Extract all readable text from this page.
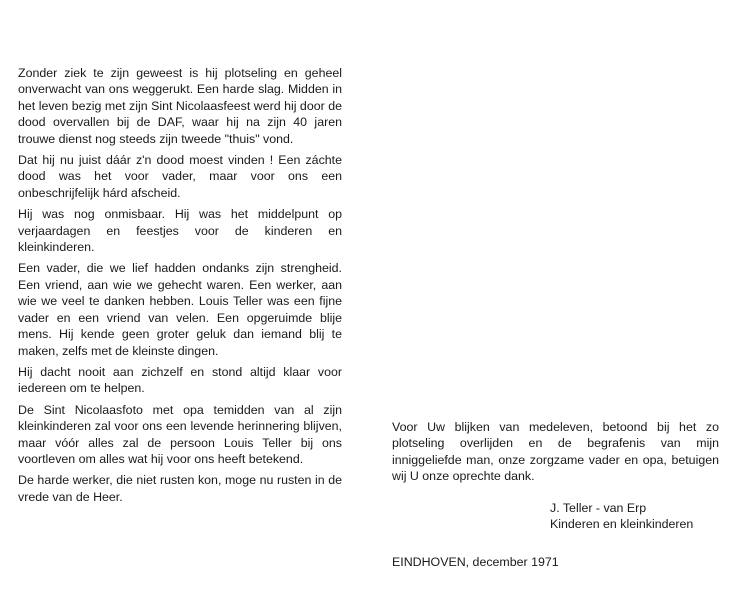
Zonder ziek te zijn geweest is hij plotseling en geheel onverwacht van ons weggerukt. Een harde slag. Midden in het leven bezig met zijn Sint Nicolaasfeest werd hij door de dood overvallen bij de DAF, waar hij na zijn 40 jaren trouwe dienst nog steeds zijn tweede "thuis" vond.

Dat hij nu juist dáár z'n dood moest vinden ! Een záchte dood was het voor vader, maar voor ons een onbeschrijfelijk hárd afscheid.

Hij was nog onmisbaar. Hij was het middelpunt op verjaardagen en feestjes voor de kinderen en kleinkinderen.

Een vader, die we lief hadden ondanks zijn strengheid. Een vriend, aan wie we gehecht waren. Een werker, aan wie we veel te danken hebben. Louis Teller was een fijne vader en een vriend van velen. Een opgeruimde blije mens. Hij kende geen groter geluk dan iemand blij te maken, zelfs met de kleinste dingen.

Hij dacht nooit aan zichzelf en stond altijd klaar voor iedereen om te helpen.

De Sint Nicolaasfoto met opa temidden van al zijn kleinkinderen zal voor ons een levende herinnering blijven, maar vóór alles zal de persoon Louis Teller bij ons voortleven om alles wat hij voor ons heeft betekend.

De harde werker, die niet rusten kon, moge nu rusten in de vrede van de Heer.

Voor Uw blijken van medeleven, betoond bij het zo plotseling overlijden en de begrafenis van mijn inniggeliefde man, onze zorgzame vader en opa, betuigen wij U onze oprechte dank.

J. Teller - van Erp
Kinderen en kleinkinderen
EINDHOVEN, december 1971
